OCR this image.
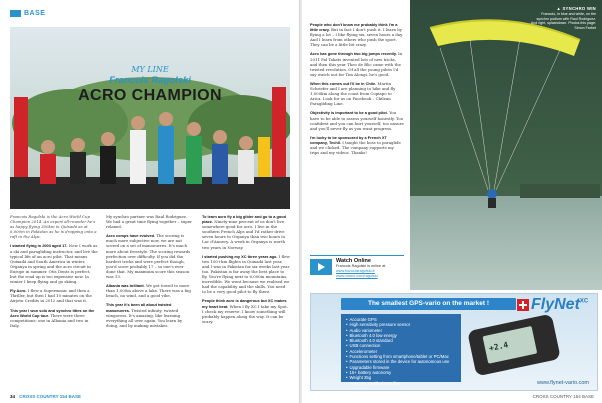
BASE
MY LINE
Francois Ragolski
ACRO CHAMPION

Francois Ragolski is the Acro World Cup Champion 2014. An expert all-rounder he's as happy flying 300km in Quixadá as at 6,000m in Pakistan as he is dropping onto a raft in the Alps.

I started flying in 2003 aged 17. Now I work as a ski and paragliding instructor, and live the typical life of an acro pilot. That means Quixadá and South America in winter, Organya in spring and the acro circuit in Europe in summer. Otis Dentz is perfect, but the road up is too expensive now. In winter I keep flying and go skiing.

Fly Acro. I flew a Supermonic and then a Thriller, but then I had 10 minutes on the Airjetu Credits in 2012 and that was it.

This year I won solo and synchro titles on the Acro World Cup tour. There were three competitions: one in Albania and two in Italy.

My synchro partner was Raul Rodriguez. We had a great time flying together – super relaxed.

Acro comps have evolved. The scoring is much more subjective now, we are not scored on a set of manoeuvres. It's much more about freestyle. The scoring rewards perfection over difficulty. If you did the hardest tricks and were perfect though, you'd score probably 17 – so one's ever done that. My maximum score this season was 13.

Albania was brilliant. We got towed to more than 1,000m above a lake. There was a big beach, no wind, and a good vibe.

This year it's been all about twisted manoeuvres. Twisted infinity, twisted wingovers. It's amazing, like learning everything all over again. You learn by doing, and by making mistakes.

To learn acro fly a big glider and go to a good place. Ninety-nine percent of us don't live somewhere good for acro. I live in the southern French Alps and I'd rather drive seven hours to Organya than two hours to Lac d'Annecy. A week in Organya is worth two years in Norway.

I started pushing my XC three years ago. I flew two 100+km flights in Quixadá last year, and I was in Pakistan for six weeks last year too. Pakistan is far away the best place to fly. You're flying next to 6,000m mountains, incredible. We went because we realised we had the capability and the skills. You need to be a very good pilot to fly there.

People think acro is dangerous but XC makes my heart beat. When I fly XC I take my Spot. I check my reserve. I know something will probably happen along the way. It can be scary.

34 CROSS COUNTRY 154 BASE

People who don't know me probably think I'm a little crazy. But in fact I don't push it. I learn by flying a lot – I like flying six, seven hours a day. And I learn from others who push the sport. They can be a little bit crazy.

Acro has gone through two big jumps recently. In 2011 Pal Takats invented lots of new tricks, and then this year Theo de Blic came with the twisted revolution. Of all the young pilots I'd say watch out for Tim Alongi, he's good.

When this comes out I'll be in Chile. Martin Schriefer and I are planning to hike and fly 1,000km along the coast from Copiapo to Arica. Look for us on Facebook – Chilean Paragliding Line.

Objectivity is important to be a good pilot. You have to be able to assess yourself honestly. Too confident and you can hurt yourself, too unsure and you'll never fly as you want progress.

I'm lucky to be sponsored by a French XT company, Techli. I taught the boss to paraglide and we clicked. The company supports my trips and my videos. Thanks!

Watch Online
Francois Ragolski is online at
www.francoisragolski.fr
www.vimeo.com/ragolski
▲ SYNCHRO WIN
Francois, in blue and white, on the synchro podium with Raul Rodriguez. And right, splashdown. Photos this page: Simon Farbet
The smallest GPS-vario on the market !
• Accurate GPS
• High sensitivity pressure sensor
• Audio variometer
• Bluetooth 4.0 low energy
• Bluetooth 4.0 standard
• USB connection
• Accelerometer
• Functions setting from smartphone/tablet or PC/Mac
• Parameters stored in the device for autonomous use
• Upgradable firmware
• 15+ battery autonomy
• Weight 35g
• FAI-CIVL certified IGC files
FlyNet$^{XC}$
+2.4
www.flynet-vario.com
CROSS COUNTRY 154 BASE
